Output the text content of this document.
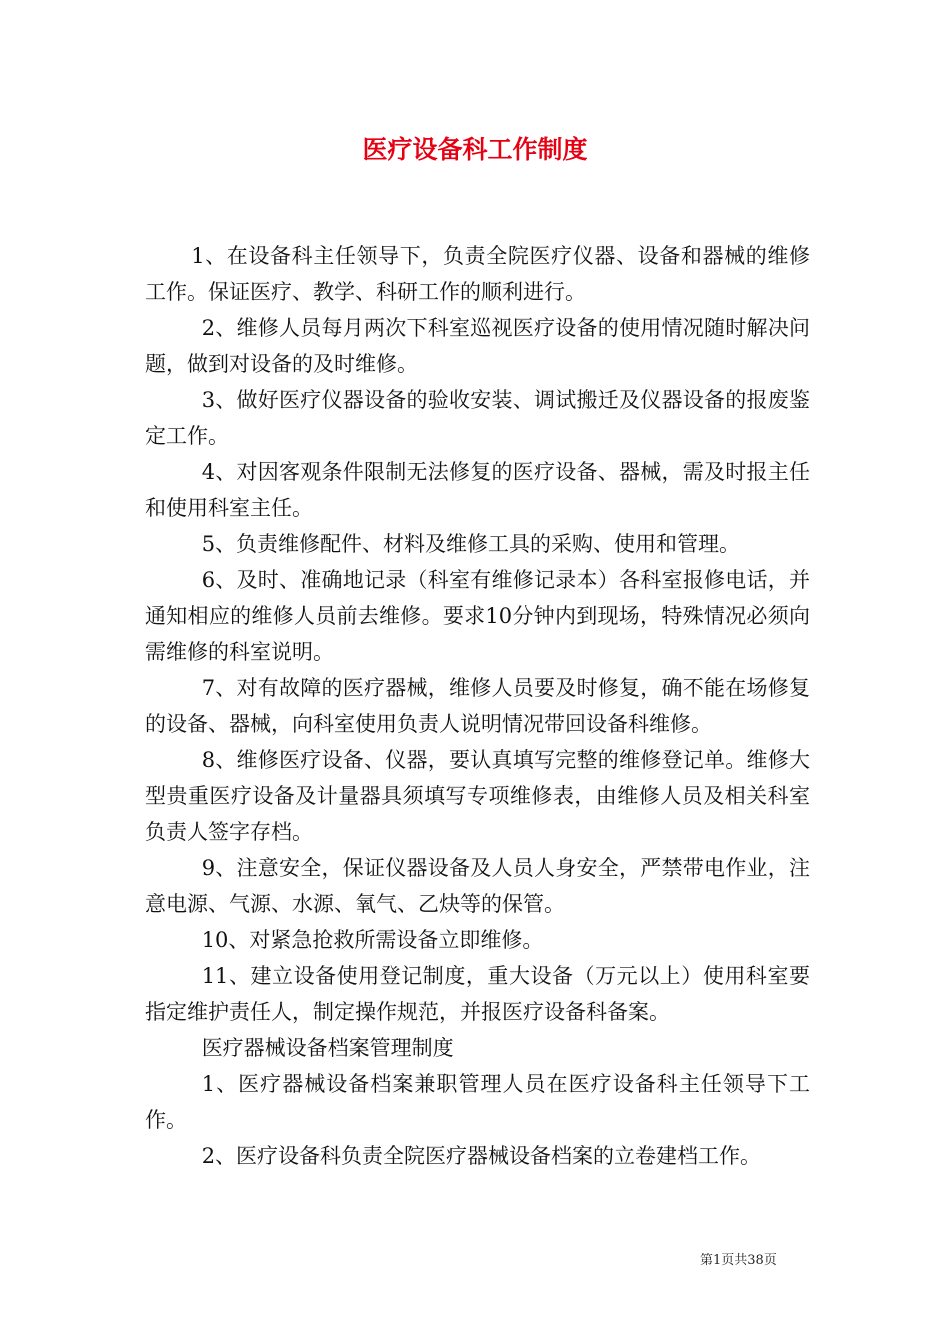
医疗设备科工作制度

1、在设备科主任领导下，负责全院医疗仪器、设备和器械的维修工作。保证医疗、教学、科研工作的顺利进行。

2、维修人员每月两次下科室巡视医疗设备的使用情况随时解决问题，做到对设备的及时维修。

3、做好医疗仪器设备的验收安装、调试搬迁及仪器设备的报废鉴定工作。

4、对因客观条件限制无法修复的医疗设备、器械，需及时报主任和使用科室主任。

5、负责维修配件、材料及维修工具的采购、使用和管理。

6、及时、准确地记录（科室有维修记录本）各科室报修电话，并通知相应的维修人员前去维修。要求10分钟内到现场，特殊情况必须向需维修的科室说明。

7、对有故障的医疗器械，维修人员要及时修复，确不能在场修复的设备、器械，向科室使用负责人说明情况带回设备科维修。

8、维修医疗设备、仪器，要认真填写完整的维修登记单。维修大型贵重医疗设备及计量器具须填写专项维修表，由维修人员及相关科室负责人签字存档。

9、注意安全，保证仪器设备及人员人身安全，严禁带电作业，注意电源、气源、水源、氧气、乙炔等的保管。

10、对紧急抢救所需设备立即维修。

11、建立设备使用登记制度，重大设备（万元以上）使用科室要指定维护责任人，制定操作规范，并报医疗设备科备案。

医疗器械设备档案管理制度

1、医疗器械设备档案兼职管理人员在医疗设备科主任领导下工作。

2、医疗设备科负责全院医疗器械设备档案的立卷建档工作。

第1页共38页
